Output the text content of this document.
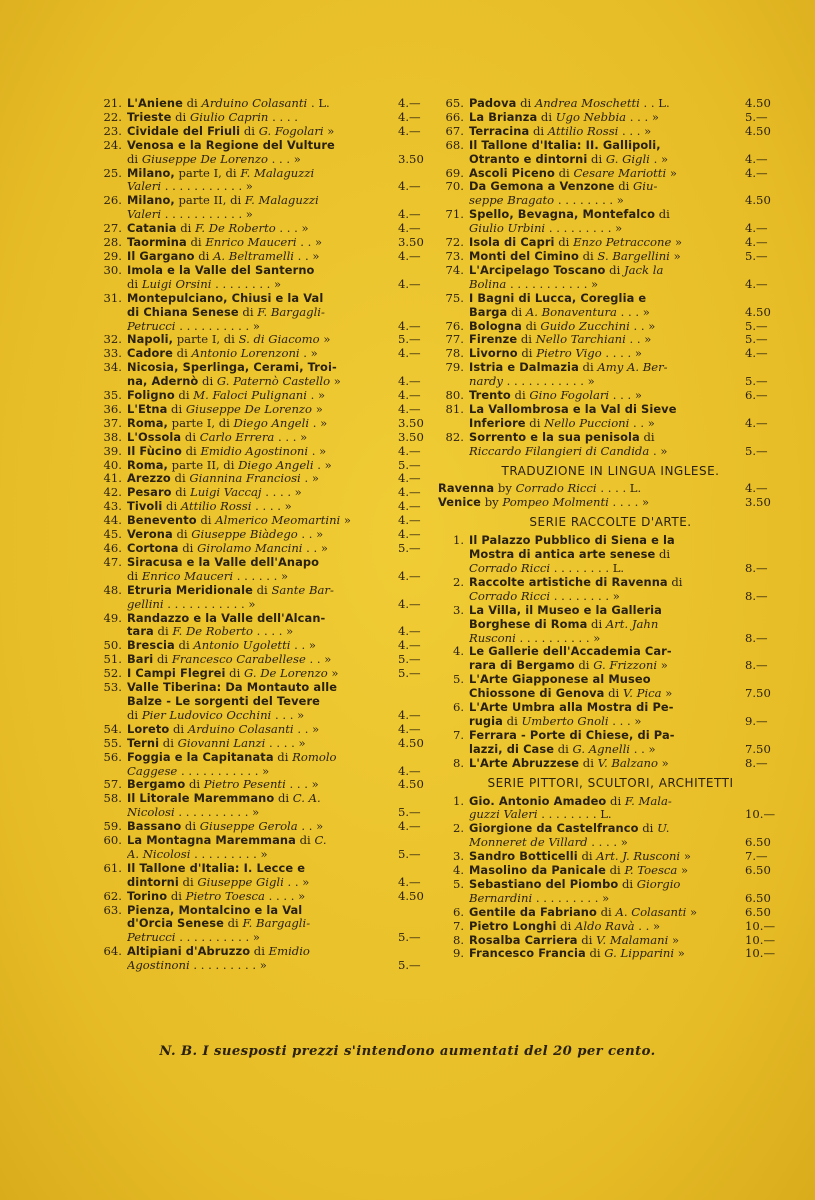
21. L'Aniene di Arduino Colasanti . L.	4.—
22. Trieste di Giulio Caprin . . . .	4.—
23. Cividale del Friuli di G. Fogolari »	4.—
24. Venosa e la Regione del Vulture
di Giuseppe De Lorenzo . . . »	3.50
25. Milano, parte I, di F. Malaguzzi
Valeri . . . . . . . . . . . »	4.—
26. Milano, parte II, di F. Malaguzzi
Valeri . . . . . . . . . . . »	4.—
27. Catania di F. De Roberto . . . »	4.—
28. Taormina di Enrico Mauceri . . »	3.50
29. Il Gargano di A. Beltramelli . . »	4.—
30. Imola e la Valle del Santerno
di Luigi Orsini . . . . . . . . »	4.—
31. Montepulciano, Chiusi e la Val
di Chiana Senese di F. Bargagli-
Petrucci . . . . . . . . . . »	4.—
32. Napoli, parte I, di S. di Giacomo »	5.—
33. Cadore di Antonio Lorenzoni . »	4.—
34. Nicosia, Sperlinga, Cerami, Troi-
na, Adernò di G. Paternò Castello »	4.—
35. Foligno di M. Faloci Pulignani . »	4.—
36. L'Etna di Giuseppe De Lorenzo »	4.—
37. Roma, parte I, di Diego Angeli . »	3.50
38. L'Ossola di Carlo Errera . . . »	3.50
39. Il Fùcino di Emidio Agostinoni . »	4.—
40. Roma, parte II, di Diego Angeli . »	5.—
41. Arezzo di Giannina Franciosi . »	4.—
42. Pesaro di Luigi Vaccaj . . . . »	4.—
43. Tivoli di Attilio Rossi . . . . »	4.—
44. Benevento di Almerico Meomartini »	4.—
45. Verona di Giuseppe Biàdego . . »	4.—
46. Cortona di Girolamo Mancini . . »	5.—
47. Siracusa e la Valle dell'Anapo
di Enrico Mauceri . . . . . . »	4.—
48. Etruria Meridionale di Sante Bar-
gellini . . . . . . . . . . . »	4.—
49. Randazzo e la Valle dell'Alcan-
tara di F. De Roberto . . . . »	4.—
50. Brescia di Antonio Ugoletti . . »	4.—
51. Bari di Francesco Carabellese . . »	5.—
52. I Campi Flegrei di G. De Lorenzo »	5.—
53. Valle Tiberina: Da Montauto alle
Balze - Le sorgenti del Tevere
di Pier Ludovico Occhini . . . »	4.—
54. Loreto di Arduino Colasanti . . »	4.—
55. Terni di Giovanni Lanzi . . . . »	4.50
56. Foggia e la Capitanata di Romolo
Caggese . . . . . . . . . . . »	4.—
57. Bergamo di Pietro Pesenti . . . »	4.50
58. Il Litorale Maremmano di C. A.
Nicolosi . . . . . . . . . . »	5.—
59. Bassano di Giuseppe Gerola . . »	4.—
60. La Montagna Maremmana di C.
A. Nicolosi . . . . . . . . . »	5.—
61. Il Tallone d'Italia: I. Lecce e
dintorni di Giuseppe Gigli . . »	4.—
62. Torino di Pietro Toesca . . . . »	4.50
63. Pienza, Montalcino e la Val
d'Orcia Senese di F. Bargagli-
Petrucci . . . . . . . . . . »	5.—
64. Altipiani d'Abruzzo di Emidio
Agostinoni . . . . . . . . . »	5.—
65. Padova di Andrea Moschetti . . L.	4.50
66. La Brianza di Ugo Nebbia . . . »	5.—
67. Terracina di Attilio Rossi . . . »	4.50
68. Il Tallone d'Italia: II. Gallipoli,
Otranto e dintorni di G. Gigli . »	4.—
69. Ascoli Piceno di Cesare Mariotti »	4.—
70. Da Gemona a Venzone di Giu-
seppe Bragato . . . . . . . . »	4.50
71. Spello, Bevagna, Montefalco di
Giulio Urbini . . . . . . . . . »	4.—
72. Isola di Capri di Enzo Petraccone »	4.—
73. Monti del Cimino di S. Bargellini »	5.—
74. L'Arcipelago Toscano di Jack la
Bolina . . . . . . . . . . . »	4.—
75. I Bagni di Lucca, Coreglia e
Barga di A. Bonaventura . . . »	4.50
76. Bologna di Guido Zucchini . . »	5.—
77. Firenze di Nello Tarchiani . . »	5.—
78. Livorno di Pietro Vigo . . . . »	4.—
79. Istria e Dalmazia di Amy A. Ber-
nardy . . . . . . . . . . . »	5.—
80. Trento di Gino Fogolari . . . »	6.—
81. La Vallombrosa e la Val di Sieve
Inferiore di Nello Puccioni . . »	4.—
82. Sorrento e la sua penisola di
Riccardo Filangieri di Candida . »	5.—
TRADUZIONE IN LINGUA INGLESE.
Ravenna by Corrado Ricci . . . . L.	4.—
Venice by Pompeo Molmenti . . . . »	3.50
SERIE RACCOLTE D'ARTE.
1. Il Palazzo Pubblico di Siena e la
Mostra di antica arte senese di
Corrado Ricci . . . . . . . . L.	8.—
2. Raccolte artistiche di Ravenna di
Corrado Ricci . . . . . . . . »	8.—
3. La Villa, il Museo e la Galleria
Borghese di Roma di Art. Jahn
Rusconi . . . . . . . . . . »	8.—
4. Le Gallerie dell'Accademia Car-
rara di Bergamo di G. Frizzoni »	8.—
5. L'Arte Giapponese al Museo
Chiossone di Genova di V. Pica »	7.50
6. L'Arte Umbra alla Mostra di Pe-
rugia di Umberto Gnoli . . . »	9.—
7. Ferrara - Porte di Chiese, di Pa-
lazzi, di Case di G. Agnelli . . »	7.50
8. L'Arte Abruzzese di V. Balzano »	8.—
SERIE PITTORI, SCULTORI, ARCHITETTI
1. Gio. Antonio Amadeo di F. Mala-
guzzi Valeri . . . . . . . . L.	10.—
2. Giorgione da Castelfranco di U.
Monneret de Villard . . . . »	6.50
3. Sandro Botticelli di Art. J. Rusconi »	7.—
4. Masolino da Panicale di P. Toesca »	6.50
5. Sebastiano del Piombo di Giorgio
Bernardini . . . . . . . . . »	6.50
6. Gentile da Fabriano di A. Colasanti »	6.50
7. Pietro Longhi di Aldo Ravà . . »	10.—
8. Rosalba Carriera di V. Malamani »	10.—
9. Francesco Francia di G. Lipparini »	10.—
N. B. I suesposti prezzi s'intendono aumentati del 20 per cento.
